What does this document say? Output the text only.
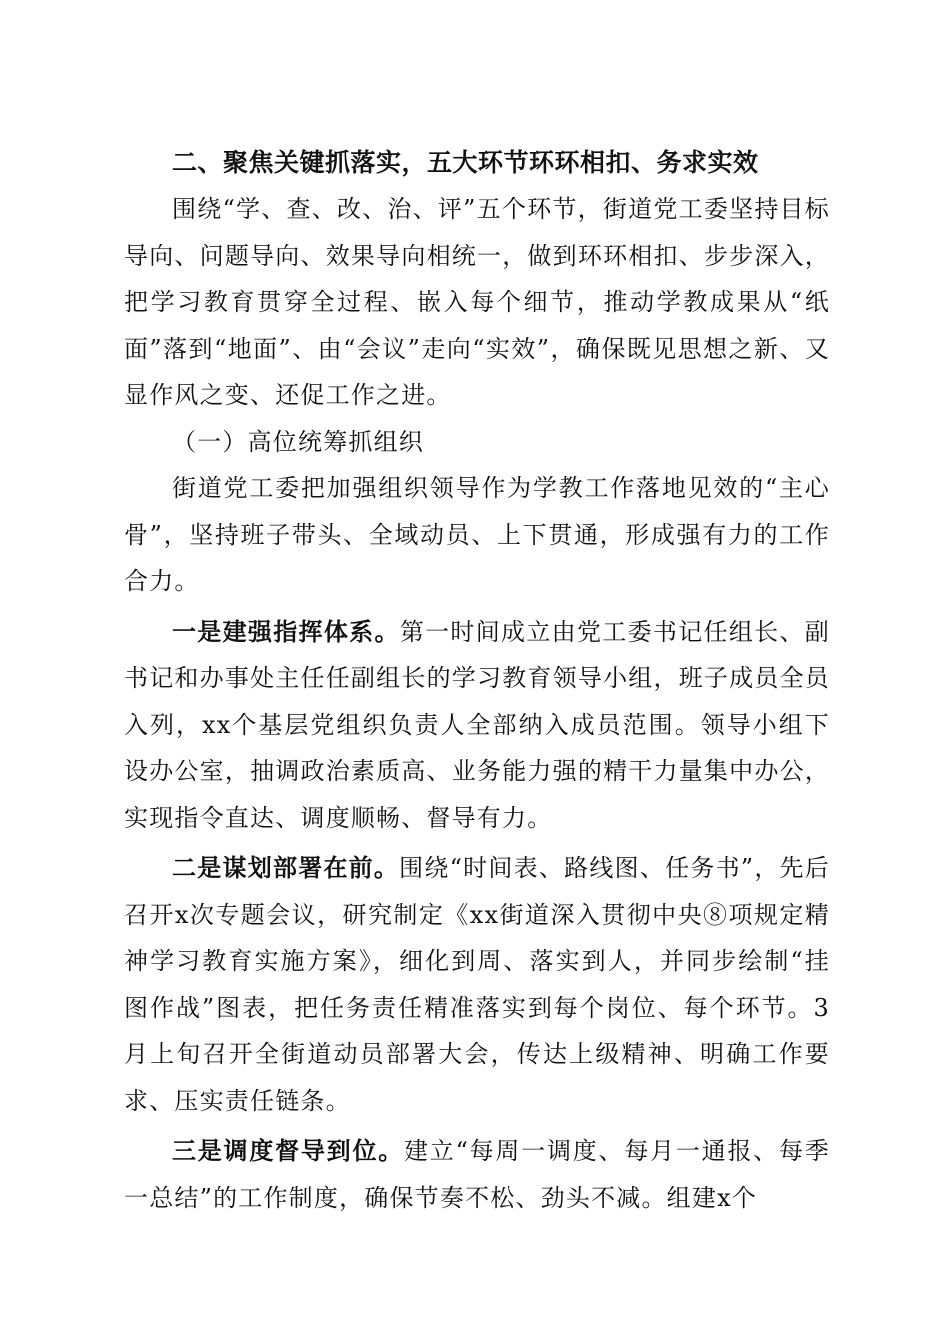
二、聚焦关键抓落实，五大环节环环相扣、务求实效

围绕“学、查、改、治、评”五个环节，街道党工委坚持目标导向、问题导向、效果导向相统一，做到环环相扣、步步深入，把学习教育贯穿全过程、嵌入每个细节，推动学教成果从“纸面”落到“地面”、由“会议”走向“实效”，确保既见思想之新、又显作风之变、还促工作之进。

（一）高位统筹抓组织

街道党工委把加强组织领导作为学教工作落地见效的“主心骨”，坚持班子带头、全域动员、上下贯通，形成强有力的工作合力。

一是建强指挥体系。第一时间成立由党工委书记任组长、副书记和办事处主任任副组长的学习教育领导小组，班子成员全员入列，xx个基层党组织负责人全部纳入成员范围。领导小组下设办公室，抽调政治素质高、业务能力强的精干力量集中办公，实现指令直达、调度顺畅、督导有力。

二是谋划部署在前。围绕“时间表、路线图、任务书”，先后召开x次专题会议，研究制定《xx街道深入贯彻中央⑧项规定精神学习教育实施方案》，细化到周、落实到人，并同步绘制“挂图作战”图表，把任务责任精准落实到每个岗位、每个环节。3月上旬召开全街道动员部署大会，传达上级精神、明确工作要求、压实责任链条。

三是调度督导到位。建立“每周一调度、每月一通报、每季一总结”的工作制度，确保节奏不松、劲头不减。组建x个
